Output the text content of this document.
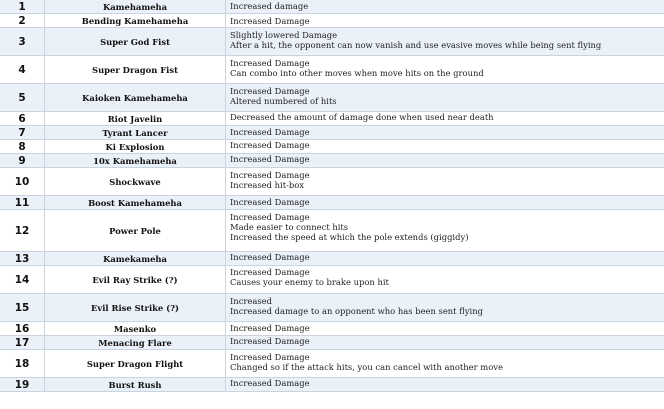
1	Kamehameha	Increased damage

2	Bending Kamehameha	Increased Damage

3	Super God Fist	Slightly lowered Damage
After a hit, the opponent can now vanish and use evasive moves while being sent flying

4	Super Dragon Fist	Increased Damage
Can combo into other moves when move hits on the ground

5	Kaioken Kamehameha	Increased Damage
Altered numbered of hits

6	Riot Javelin	Decreased the amount of damage done when used near death

7	Tyrant Lancer	Increased Damage

8	Ki Explosion	Increased Damage

9	10x Kamehameha	Increased Damage

10	Shockwave	Increased Damage
Increased hit-box

11	Boost Kamehameha	Increased Damage

12	Power Pole	Increased Damage
Made easier to connect hits
Increased the speed at which the pole extends (giggidy)

13	Kamekameha	Increased Damage

14	Evil Ray Strike (?)	Increased Damage
Causes your enemy to brake upon hit

15	Evil Rise Strike (?)	Increased
Increased damage to an opponent who has been sent flying

16	Masenko	Increased Damage

17	Menacing Flare	Increased Damage

18	Super Dragon Flight	Increased Damage
Changed so if the attack hits, you can cancel with another move

19	Burst Rush	Increased Damage
